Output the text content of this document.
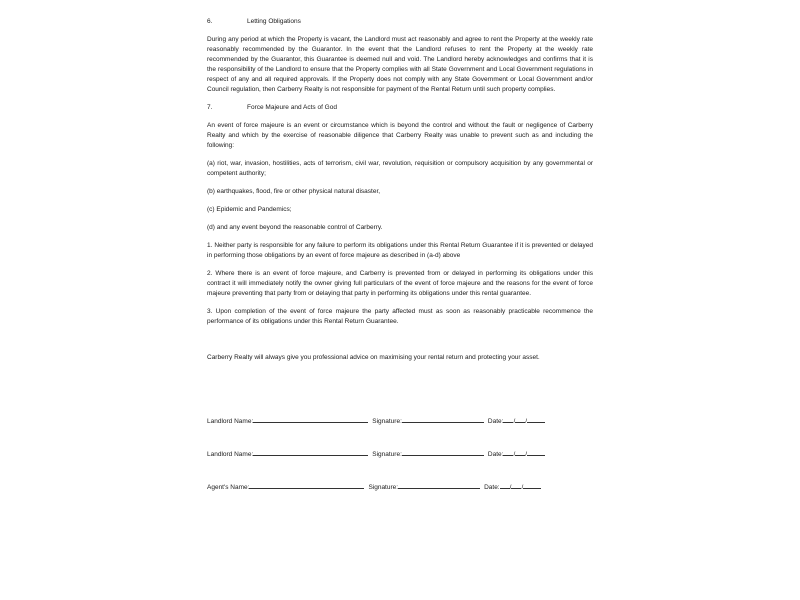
6.	Letting Obligations

During any period at which the Property is vacant, the Landlord must act reasonably and agree to rent the Property at the weekly rate reasonably recommended by the Guarantor. In the event that the Landlord refuses to rent the Property at the weekly rate recommended by the Guarantor, this Guarantee is deemed null and void. The Landlord hereby acknowledges and confirms that it is the responsibility of the Landlord to ensure that the Property complies with all State Government and Local Government regulations in respect of any and all required approvals. If the Property does not comply with any State Government or Local Government and/or Council regulation, then Carberry Realty is not responsible for payment of the Rental Return until such property complies.

7.	Force Majeure and Acts of God

An event of force majeure is an event or circumstance which is beyond the control and without the fault or negligence of Carberry Realty and which by the exercise of reasonable diligence that Carberry Realty was unable to prevent such as and including the following:

(a) riot, war, invasion, hostilities, acts of terrorism, civil war, revolution, requisition or compulsory acquisition by any governmental or competent authority;

(b) earthquakes, flood, fire or other physical natural disaster,

(c) Epidemic and Pandemics;

(d) and any event beyond the reasonable control of Carberry.

1. Neither party is responsible for any failure to perform its obligations under this Rental Return Guarantee if it is prevented or delayed in performing those obligations by an event of force majeure as described in (a-d) above

2. Where there is an event of force majeure, and Carberry is prevented from or delayed in performing its obligations under this contract it will immediately notify the owner giving full particulars of the event of force majeure and the reasons for the event of force majeure preventing that party from or delaying that party in performing its obligations under this rental guarantee.

3. Upon completion of the event of force majeure the party affected must as soon as reasonably practicable recommence the performance of its obligations under this Rental Return Guarantee.

Carberry Realty will always give you professional advice on maximising your rental return and protecting your asset.

Landlord Name:	Signature:	Date: / /
Landlord Name:	Signature:	Date: / /
Agent's Name:	Signature:	Date: / /
